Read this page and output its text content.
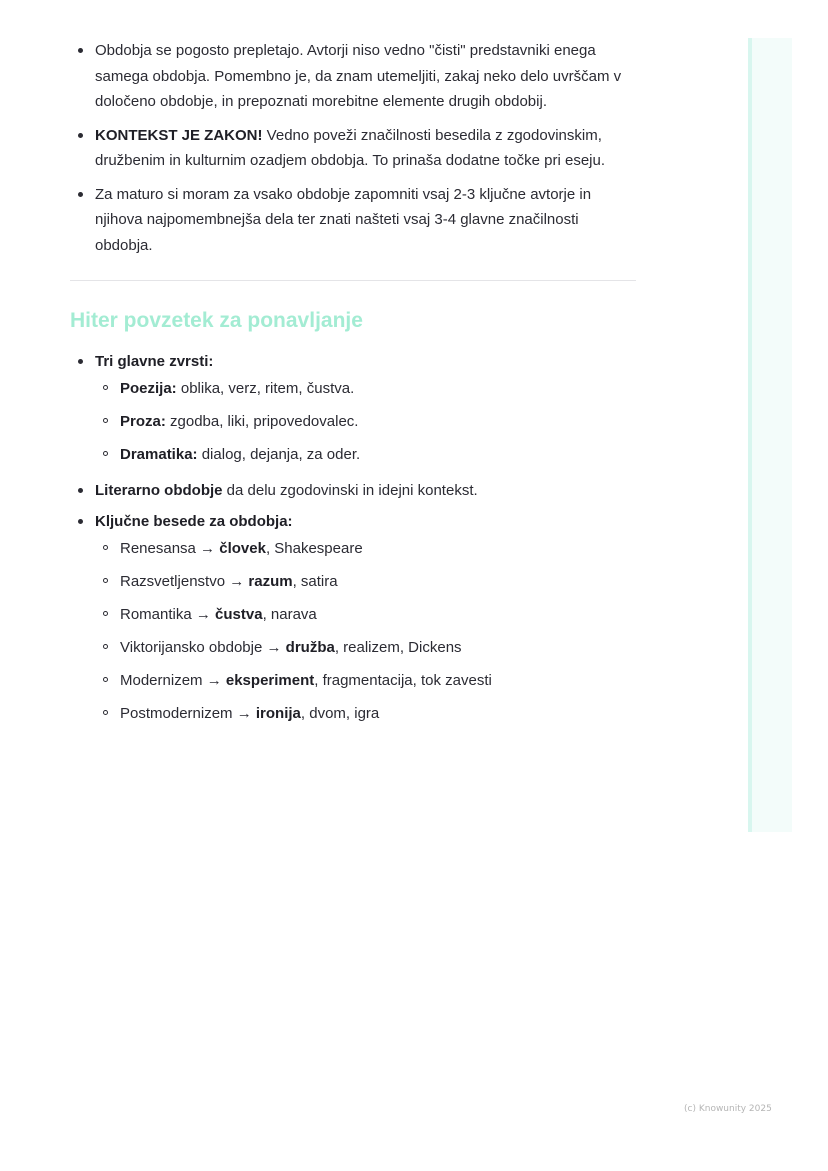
Obdobja se pogosto prepletajo. Avtorji niso vedno "čisti" predstavniki enega samega obdobja. Pomembno je, da znam utemeljiti, zakaj neko delo uvrščam v določeno obdobje, in prepoznati morebitne elemente drugih obdobij.
KONTEKST JE ZAKON! Vedno poveži značilnosti besedila z zgodovinskim, družbenim in kulturnim ozadjem obdobja. To prinaša dodatne točke pri eseju.
Za maturo si moram za vsako obdobje zapomniti vsaj 2-3 ključne avtorje in njihova najpomembnejša dela ter znati našteti vsaj 3-4 glavne značilnosti obdobja.
Hiter povzetek za ponavljanje
Tri glavne zvrsti:
Poezija: oblika, verz, ritem, čustva.
Proza: zgodba, liki, pripovedovalec.
Dramatika: dialog, dejanja, za oder.
Literarno obdobje da delu zgodovinski in idejni kontekst.
Ključne besede za obdobja:
Renesansa → človek, Shakespeare
Razsvetljenstvo → razum, satira
Romantika → čustva, narava
Viktorijansko obdobje → družba, realizem, Dickens
Modernizem → eksperiment, fragmentacija, tok zavesti
Postmodernizem → ironija, dvom, igra
(c) Knowunity 2025
